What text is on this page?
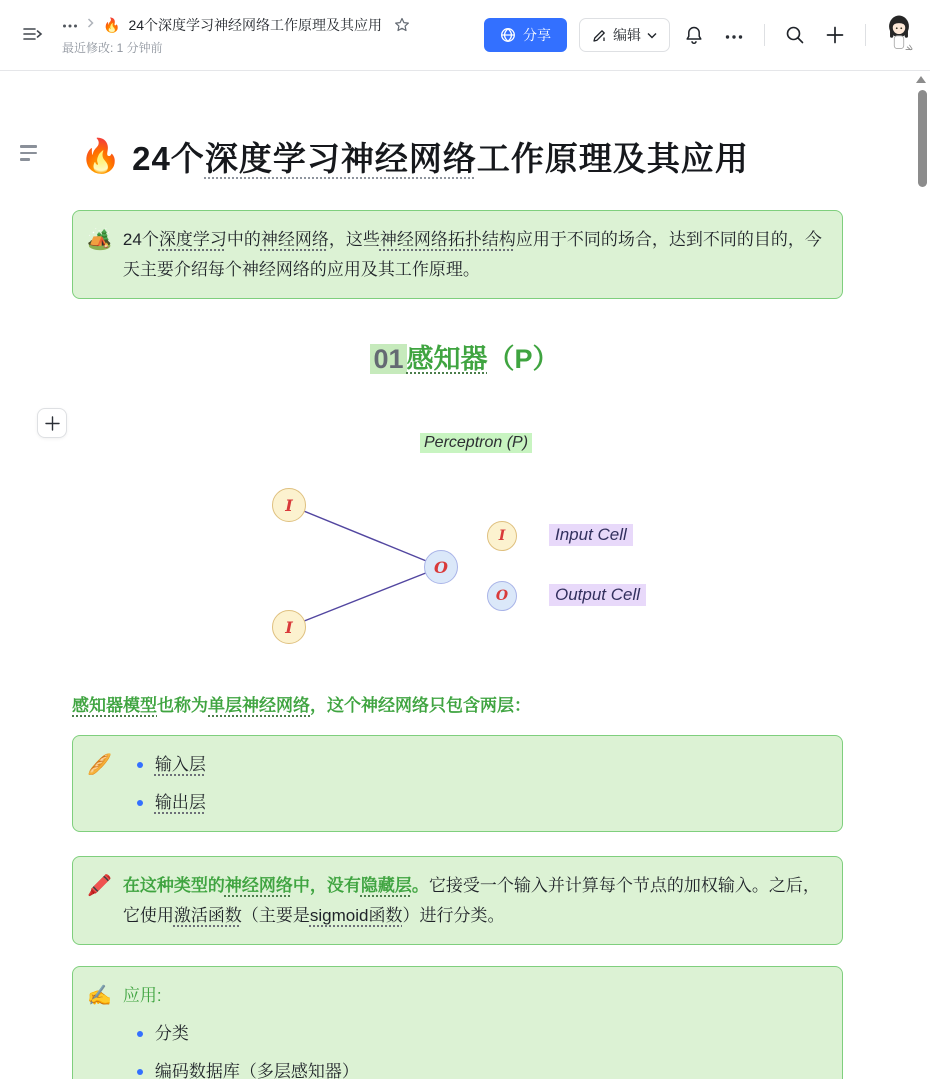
🔥 24个深度学习神经网络工作原理及其应用
最近修改: 1 分钟前
分享	编辑
🔥 24个深度学习神经网络工作原理及其应用
🏕️ 24个深度学习中的神经网络，这些神经网络拓扑结构应用于不同的场合，达到不同的目的，今天主要介绍每个神经网络的应用及其工作原理。

01 感知器（P）
Perceptron (P)
I
I
O
I	Input Cell
O	Output Cell

感知器模型也称为单层神经网络，这个神经网络只包含两层：

🥖	输入层
输出层
🖍️ 在这种类型的神经网络中，没有隐藏层。它接受一个输入并计算每个节点的加权输入。之后，它使用激活函数（主要是sigmoid函数）进行分类。

✍️ 应用:
分类
编码数据库（多层感知器）
